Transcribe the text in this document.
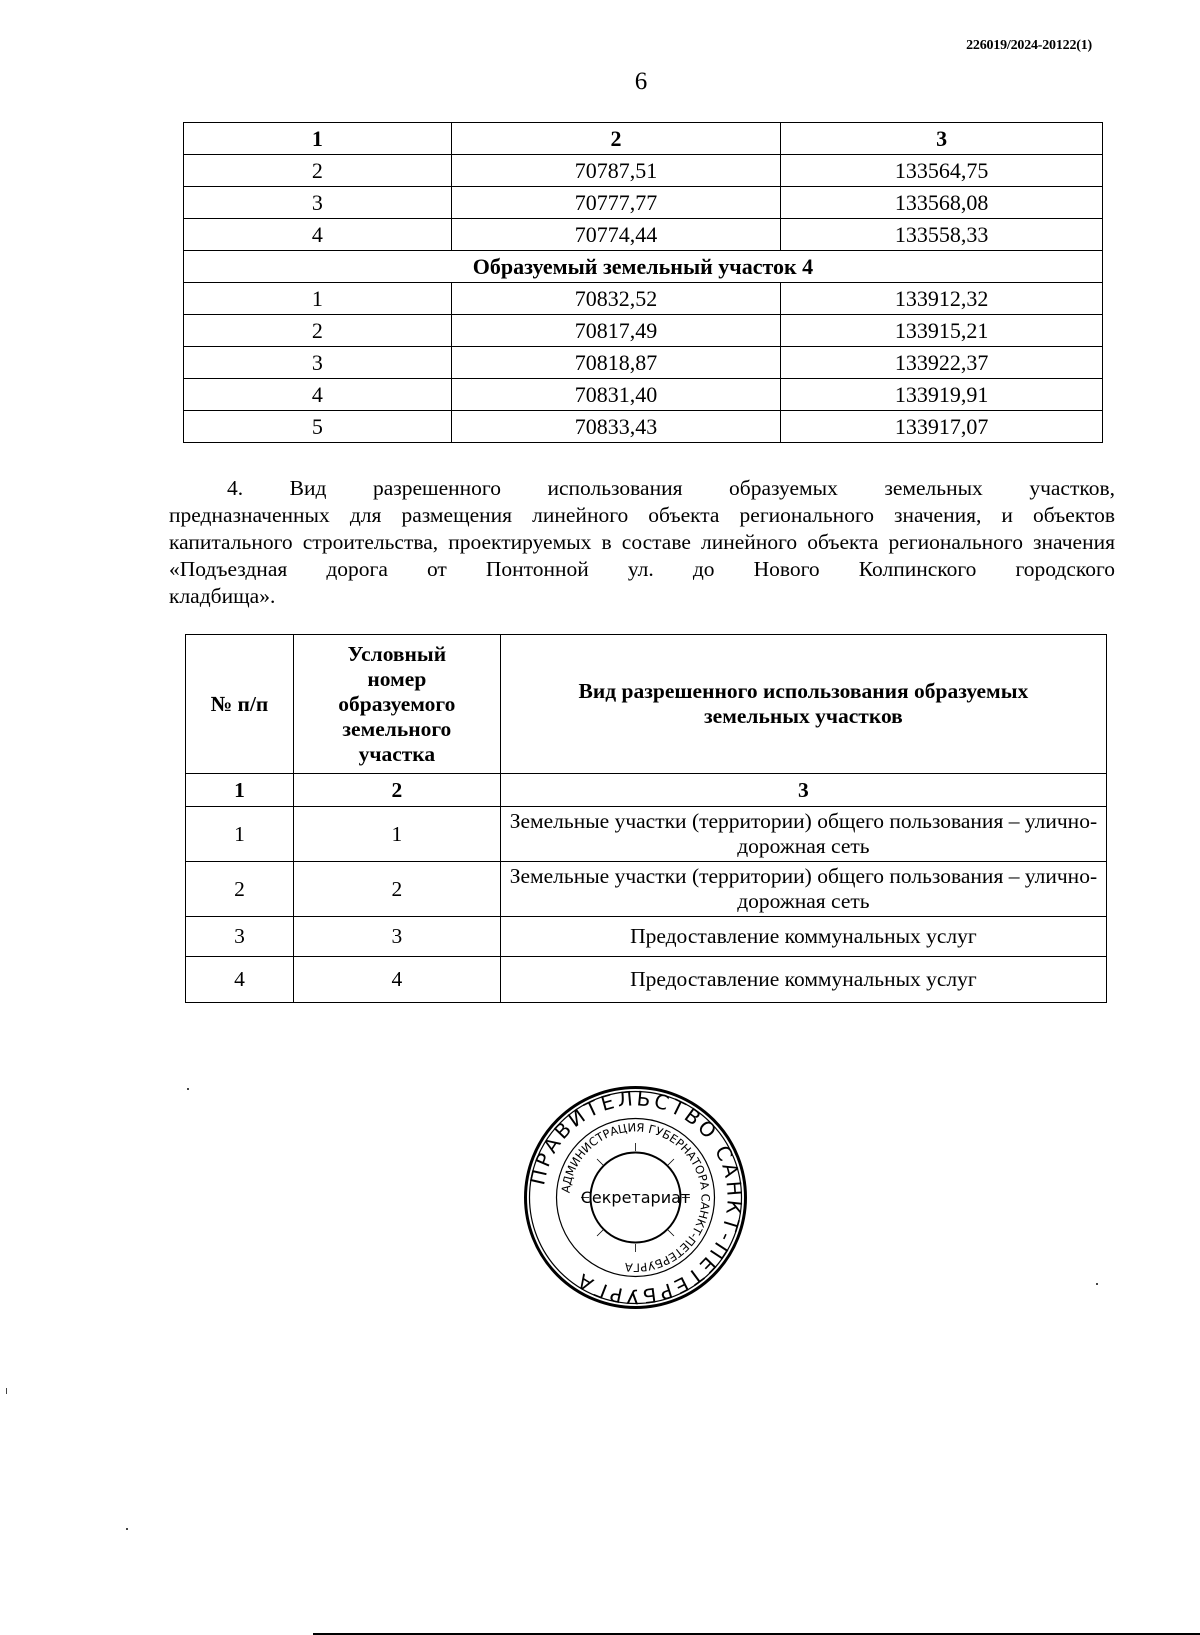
226019/2024-20122(1)
6
1	2	3
2	70787,51	133564,75
3	70777,77	133568,08
4	70774,44	133558,33
Образуемый земельный участок 4		
1	70832,52	133912,32
2	70817,49	133915,21
3	70818,87	133922,37
4	70831,40	133919,91
5	70833,43	133917,07
4. Вид разрешенного использования образуемых земельных участков,
предназначенных для размещения линейного объекта регионального значения, и объектов капитального строительства, проектируемых в составе линейного объекта регионального значения «Подъездная дорога от Понтонной ул. до Нового Колпинского городского
кладбища».
№ п/п	Условный номер образуемого земельного участка	Вид разрешенного использования образуемых земельных участков
1	2	3
1	1	Земельные участки (территории) общего пользования – улично-дорожная сеть
2	2	Земельные участки (территории) общего пользования – улично-дорожная сеть
3	3	Предоставление коммунальных услуг
4	4	Предоставление коммунальных услуг
ПРАВИТЕЛЬСТВО САНКТ-ПЕТЕРБУРГА
АДМИНИСТРАЦИЯ ГУБЕРНАТОРА САНКТ-ПЕТЕРБУРГА
Секретариат
